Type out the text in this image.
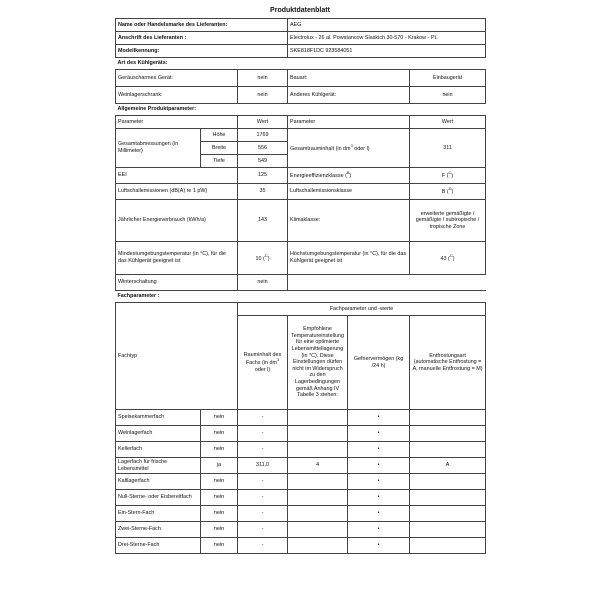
Produktdatenblatt
Name oder Handelsmarke des Lieferanten:			AEG		
Anschrift des Lieferanten :			Electrolux - 26 al. Powstancow Slaskich 30-570 - Krakow - PL		
Modellkennung:			SKE818F1DC 923584051		
Art des Kühlgeräts:					
Geräuscharmes Gerät:		nein	Bauart:		Einbaugerät
Weinlagerschrank:		nein	Anderes Kühlgerät:		nein
Allgemeine Produktparameter:					
Parameter		Wert	Parameter		Wert
Gesamtabmessungen (in Millimeter)	Höhe	1769	Gesamtrauminhalt (in $dm^3$ oder l)		311
	Breite	556			
	Tiefe	549			
EEI		125	Energieeffizienzklasse ($^B$)		F ($^C$)
Luftschallemissionen (dB(A) re 1 pW)		35	Luftschallemissionsklasse		B ($^D$)
Jährlicher Energieverbrauch (kWh/a)		143	Klimaklasse:		erweiterte gemäßigte / gemäßigte / subtropische / tropische Zone
Mindestumgebungstemperatur (in °C), für die das Kühlgerät geeignet ist		10 ($^C$)	Höchstumgebungstemperatur (in °C), für die das Kühlgerät geeignet ist		43 ($^C$)
Winterschaltung		nein			
Fachparameter :					
Fachtyp		Fachparameter und -werte			
		Rauminhalt des Fachs (in $dm^3$ oder l)	Empfohlene Temperatureinstellung für eine optimierte Lebensmittellagerung (in °C). Diese Einstellungen dürfen nicht im Widerspruch zu den Lagerbedingungen gemäß Anhang IV Tabelle 3 stehen:	Gefriervermögen (kg /24 h)	Entfrostungsart (automatische Entfrostung = A, manuelle Entfrostung = M)
Speisekammerfach	nein	-		•	
Weinlagerfach	nein	-		•	
Kellerfach	nein	-		•	
Lagerfach für frische Lebensmittel	ja	311,0	4	•	A
Kaltlagerfach	nein	-		•	
Null-Sterne- oder Eisbereitfach	nein	-		•	
Ein-Stern-Fach	nein	-		•	
Zwei-Sterne-Fach	nein	-		•	
Drei-Sterne-Fach	nein	-		•	
